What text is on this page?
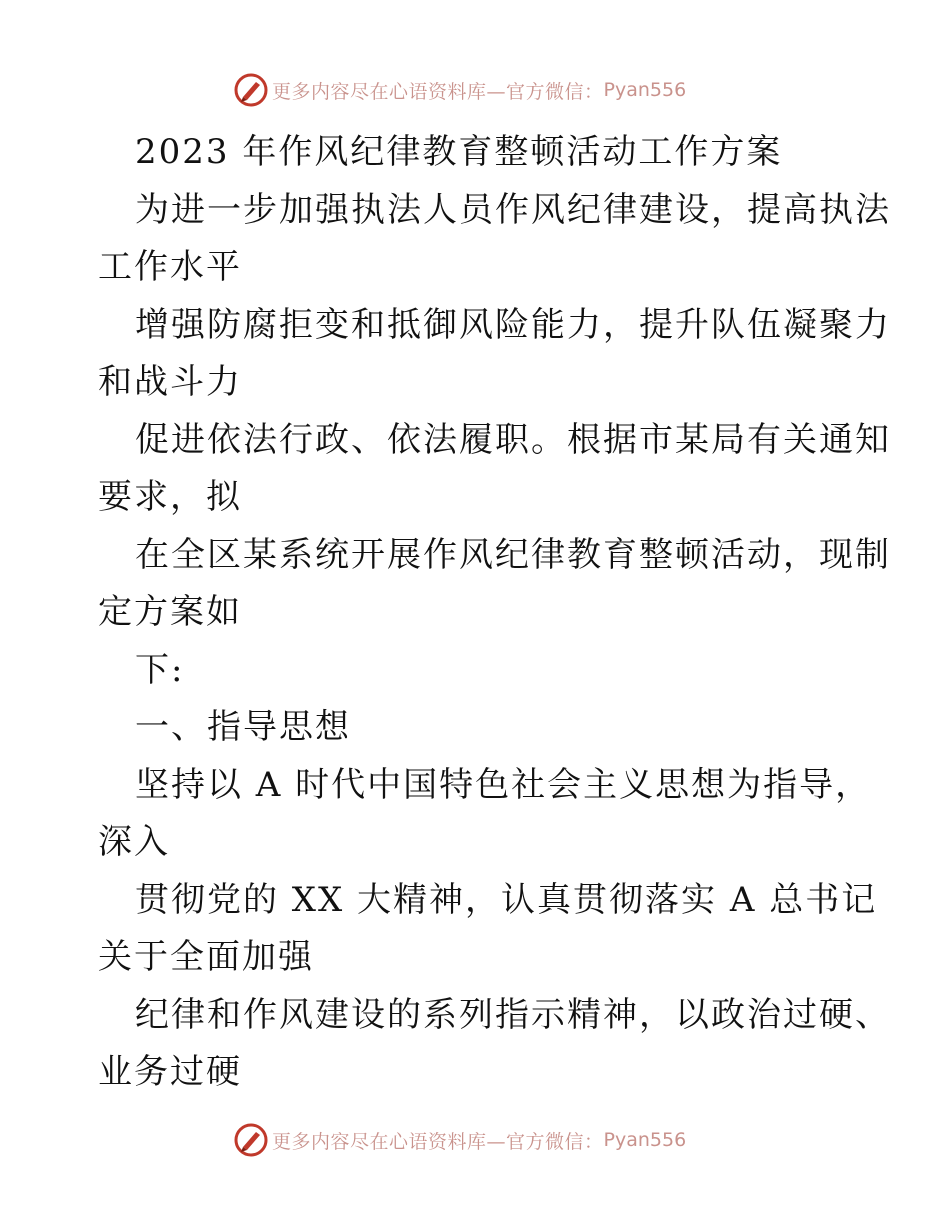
更多内容尽在心语资料库—官方微信： Pyan556
2023 年作风纪律教育整顿活动工作方案
为进一步加强执法人员作风纪律建设，提高执法
工作水平
增强防腐拒变和抵御风险能力，提升队伍凝聚力
和战斗力
促进依法行政、依法履职。根据市某局有关通知
要求，拟
在全区某系统开展作风纪律教育整顿活动，现制
定方案如
下:
一、指导思想
坚持以 A 时代中国特色社会主义思想为指导，
深入
贯彻党的 XX 大精神，认真贯彻落实 A 总书记
关于全面加强
纪律和作风建设的系列指示精神，以政治过硬、
业务过硬
更多内容尽在心语资料库—官方微信： Pyan556
